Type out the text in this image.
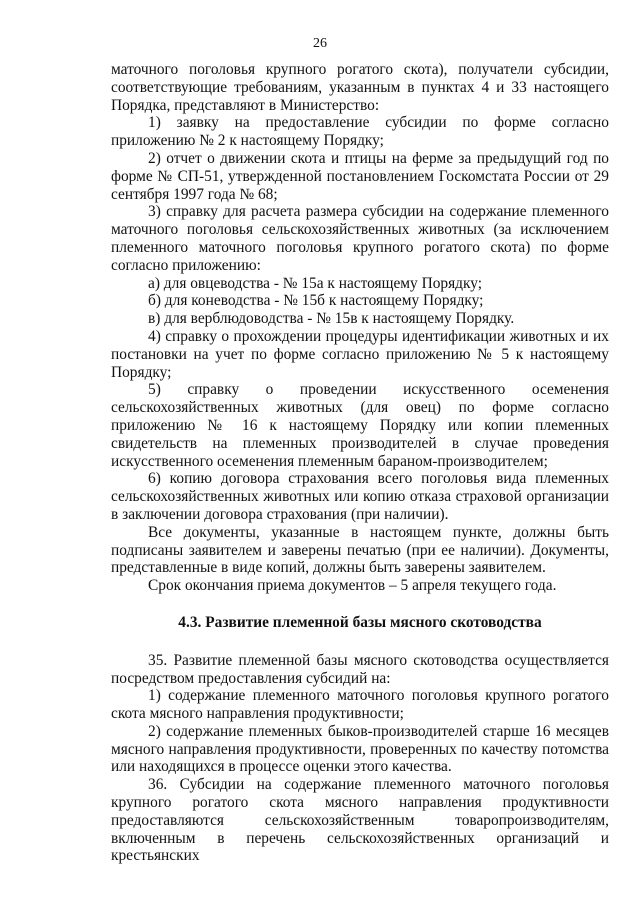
26

маточного поголовья крупного рогатого скота), получатели субсидии, соответствующие требованиям, указанным в пунктах 4 и 33 настоящего Порядка, представляют в Министерство:

1) заявку на предоставление субсидии по форме согласно приложению № 2 к настоящему Порядку;

2) отчет о движении скота и птицы на ферме за предыдущий год по форме № СП-51, утвержденной постановлением Госкомстата России от 29 сентября 1997 года № 68;

3) справку для расчета размера субсидии на содержание племенного маточного поголовья сельскохозяйственных животных (за исключением племенного маточного поголовья крупного рогатого скота) по форме согласно приложению:

а) для овцеводства - № 15а к настоящему Порядку;

б) для коневодства - № 15б к настоящему Порядку;

в) для верблюдоводства - № 15в к настоящему Порядку.

4) справку о прохождении процедуры идентификации животных и их постановки на учет по форме согласно приложению № 5 к настоящему Порядку;

5) справку о проведении искусственного осеменения сельскохозяйственных животных (для овец) по форме согласно приложению № 16 к настоящему Порядку или копии племенных свидетельств на племенных производителей в случае проведения искусственного осеменения племенным бараном-производителем;

6) копию договора страхования всего поголовья вида племенных сельскохозяйственных животных или копию отказа страховой организации в заключении договора страхования (при наличии).

Все документы, указанные в настоящем пункте, должны быть подписаны заявителем и заверены печатью (при ее наличии). Документы, представленные в виде копий, должны быть заверены заявителем.

Срок окончания приема документов – 5 апреля текущего года.

4.3. Развитие племенной базы мясного скотоводства

35. Развитие племенной базы мясного скотоводства осуществляется посредством предоставления субсидий на:

1) содержание племенного маточного поголовья крупного рогатого скота мясного направления продуктивности;

2) содержание племенных быков-производителей старше 16 месяцев мясного направления продуктивности, проверенных по качеству потомства или находящихся в процессе оценки этого качества.

36. Субсидии на содержание племенного маточного поголовья крупного рогатого скота мясного направления продуктивности предоставляются сельскохозяйственным товаропроизводителям, включенным в перечень сельскохозяйственных организаций и крестьянских
